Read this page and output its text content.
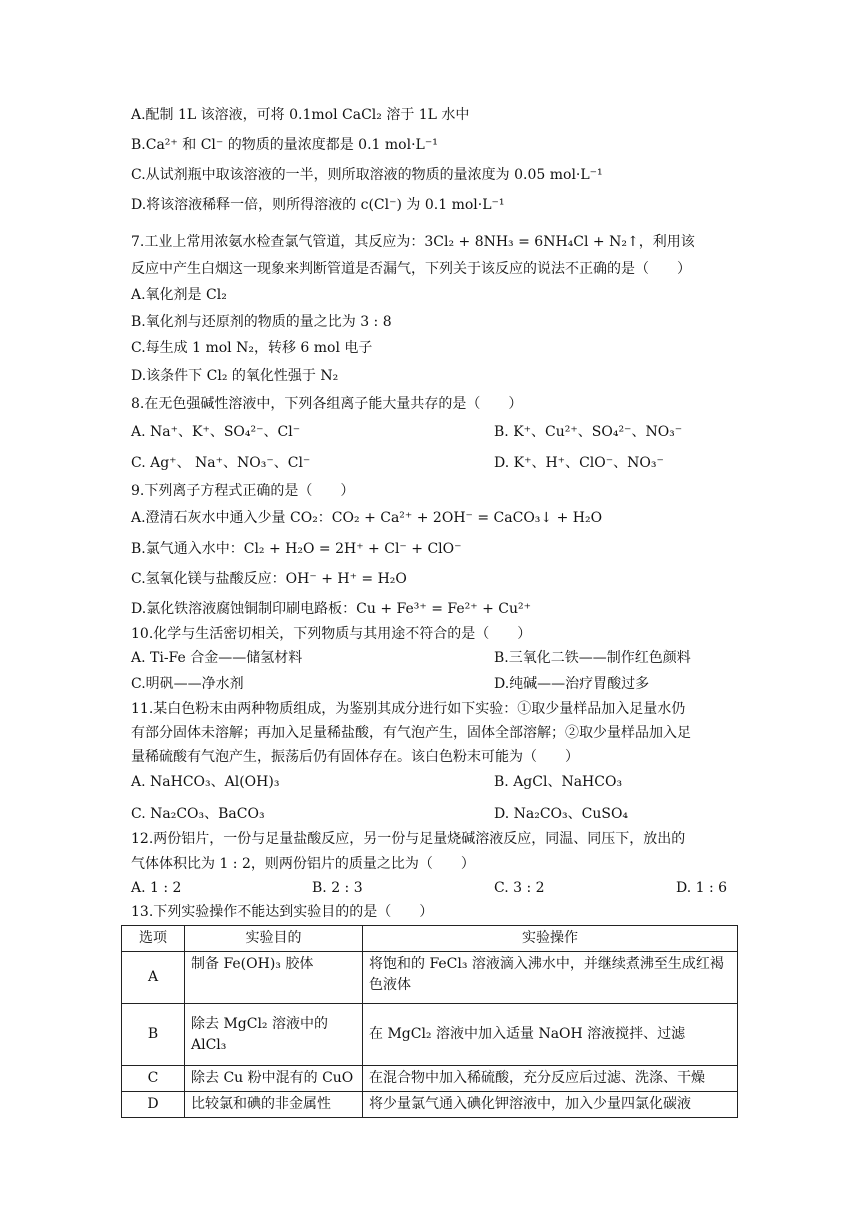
A.配制 1L 该溶液，可将 0.1mol CaCl₂ 溶于 1L 水中
B.Ca²⁺ 和 Cl⁻ 的物质的量浓度都是 0.1 mol·L⁻¹
C.从试剂瓶中取该溶液的一半，则所取溶液的物质的量浓度为 0.05 mol·L⁻¹
D.将该溶液稀释一倍，则所得溶液的 c(Cl⁻) 为 0.1 mol·L⁻¹
7.工业上常用浓氨水检查氯气管道，其反应为：3Cl₂ + 8NH₃ = 6NH₄Cl + N₂↑，利用该
反应中产生白烟这一现象来判断管道是否漏气，下列关于该反应的说法不正确的是（　　）
A.氧化剂是 Cl₂
B.氧化剂与还原剂的物质的量之比为 3 : 8
C.每生成 1 mol N₂，转移 6 mol 电子
D.该条件下 Cl₂ 的氧化性强于 N₂
8.在无色强碱性溶液中，下列各组离子能大量共存的是（　　）
A. Na⁺、K⁺、SO₄²⁻、Cl⁻	B. K⁺、Cu²⁺、SO₄²⁻、NO₃⁻
C. Ag⁺、 Na⁺、NO₃⁻、Cl⁻	D. K⁺、H⁺、ClO⁻、NO₃⁻
9.下列离子方程式正确的是（　　）
A.澄清石灰水中通入少量 CO₂：CO₂ + Ca²⁺ + 2OH⁻ = CaCO₃↓ + H₂O
B.氯气通入水中：Cl₂ + H₂O = 2H⁺ + Cl⁻ + ClO⁻
C.氢氧化镁与盐酸反应：OH⁻ + H⁺ = H₂O
D.氯化铁溶液腐蚀铜制印刷电路板：Cu + Fe³⁺ = Fe²⁺ + Cu²⁺
10.化学与生活密切相关，下列物质与其用途不符合的是（　　）
A. Ti-Fe 合金——储氢材料	B.三氧化二铁——制作红色颜料
C.明矾——净水剂	D.纯碱——治疗胃酸过多
11.某白色粉末由两种物质组成，为鉴别其成分进行如下实验：①取少量样品加入足量水仍
有部分固体未溶解；再加入足量稀盐酸，有气泡产生，固体全部溶解；②取少量样品加入足
量稀硫酸有气泡产生，振荡后仍有固体存在。该白色粉末可能为（　　）
A. NaHCO₃、Al(OH)₃	B. AgCl、NaHCO₃
C. Na₂CO₃、BaCO₃	D. Na₂CO₃、CuSO₄
12.两份铝片，一份与足量盐酸反应，另一份与足量烧碱溶液反应，同温、同压下，放出的
气体体积比为 1 : 2，则两份铝片的质量之比为（　　）
A. 1 : 2	B. 2 : 3	C. 3 : 2	D. 1 : 6
13.下列实验操作不能达到实验目的的是（　　）
选项	实验目的	实验操作
A	制备 Fe(OH)₃ 胶体	将饱和的 FeCl₃ 溶液滴入沸水中，并继续煮沸至生成红褐色液体
B	除去 MgCl₂ 溶液中的 AlCl₃	在 MgCl₂ 溶液中加入适量 NaOH 溶液搅拌、过滤
C	除去 Cu 粉中混有的 CuO	在混合物中加入稀硫酸，充分反应后过滤、洗涤、干燥
D	比较氯和碘的非金属性	将少量氯气通入碘化钾溶液中，加入少量四氯化碳液
